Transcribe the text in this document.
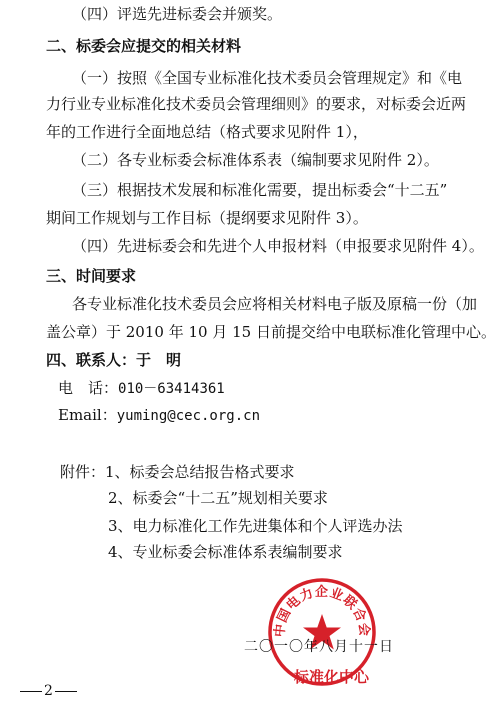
（四）评选先进标委会并颁奖。
二、标委会应提交的相关材料
（一）按照《全国专业标准化技术委员会管理规定》和《电
力行业专业标准化技术委员会管理细则》的要求，对标委会近两
年的工作进行全面地总结（格式要求见附件 1），
（二）各专业标委会标准体系表（编制要求见附件 2）。
（三）根据技术发展和标准化需要，提出标委会“十二五”
期间工作规划与工作目标（提纲要求见附件 3）。
（四）先进标委会和先进个人申报材料（申报要求见附件 4）。
三、时间要求
各专业标准化技术委员会应将相关材料电子版及原稿一份（加
盖公章）于 2010 年 10 月 15 日前提交给中电联标准化管理中心。
四、联系人：于　明
电　话：010－63414361
Email：yuming@cec.org.cn
附件：1、标委会总结报告格式要求
2、标委会“十二五”规划相关要求
3、电力标准化工作先进集体和个人评选办法
4、专业标委会标准体系表编制要求
中国电力企业联合会
二〇一〇年八月十一日
标准化中心
2
